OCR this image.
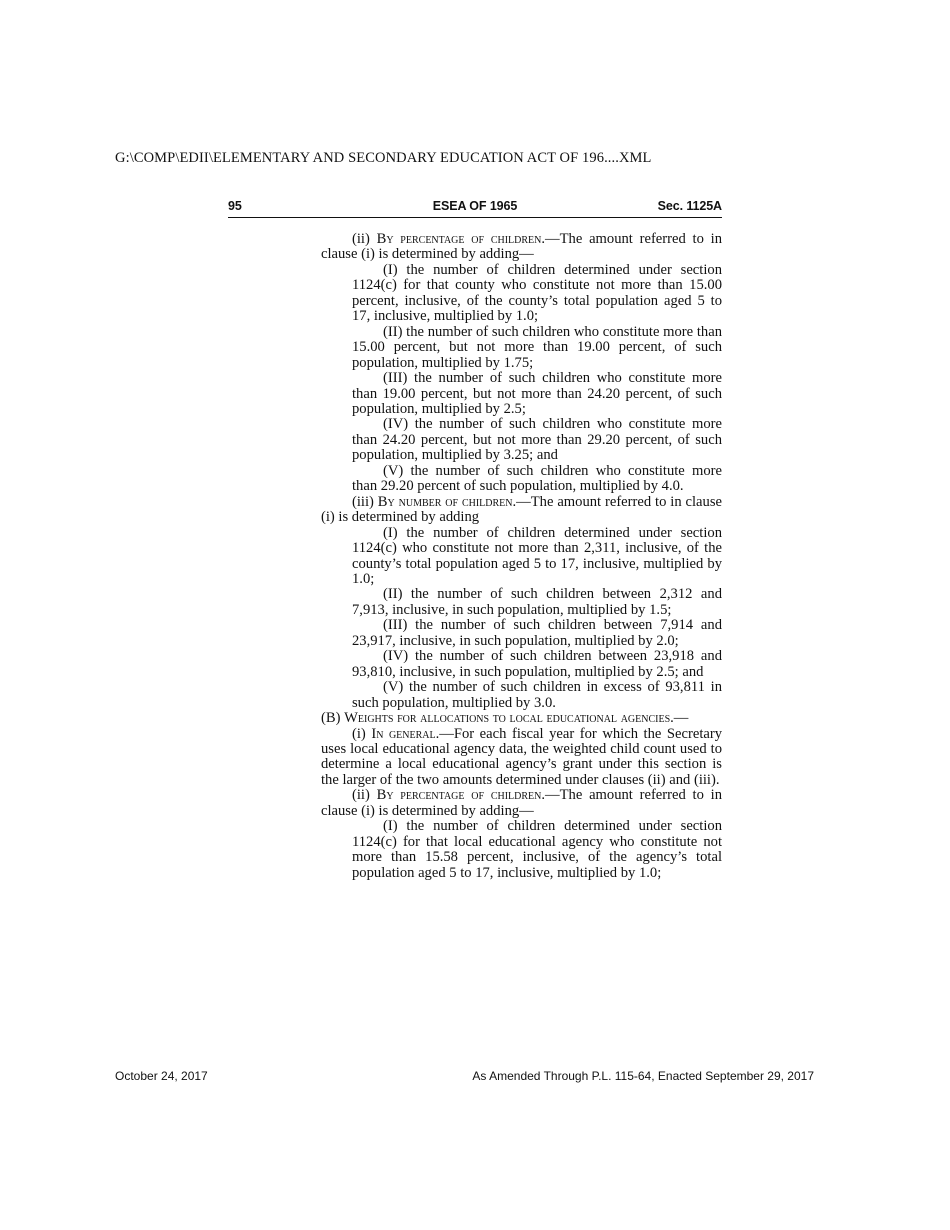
G:\COMP\EDII\ELEMENTARY AND SECONDARY EDUCATION ACT OF 196....XML
95	ESEA OF 1965	Sec. 1125A
(ii) By percentage of children.—The amount referred to in clause (i) is determined by adding—
(I) the number of children determined under section 1124(c) for that county who constitute not more than 15.00 percent, inclusive, of the county’s total population aged 5 to 17, inclusive, multiplied by 1.0;
(II) the number of such children who constitute more than 15.00 percent, but not more than 19.00 percent, of such population, multiplied by 1.75;
(III) the number of such children who constitute more than 19.00 percent, but not more than 24.20 percent, of such population, multiplied by 2.5;
(IV) the number of such children who constitute more than 24.20 percent, but not more than 29.20 percent, of such population, multiplied by 3.25; and
(V) the number of such children who constitute more than 29.20 percent of such population, multiplied by 4.0.
(iii) By number of children.—The amount referred to in clause (i) is determined by adding
(I) the number of children determined under section 1124(c) who constitute not more than 2,311, inclusive, of the county’s total population aged 5 to 17, inclusive, multiplied by 1.0;
(II) the number of such children between 2,312 and 7,913, inclusive, in such population, multiplied by 1.5;
(III) the number of such children between 7,914 and 23,917, inclusive, in such population, multiplied by 2.0;
(IV) the number of such children between 23,918 and 93,810, inclusive, in such population, multiplied by 2.5; and
(V) the number of such children in excess of 93,811 in such population, multiplied by 3.0.
(B) Weights for allocations to local educational agencies.—
(i) In general.—For each fiscal year for which the Secretary uses local educational agency data, the weighted child count used to determine a local educational agency’s grant under this section is the larger of the two amounts determined under clauses (ii) and (iii).
(ii) By percentage of children.—The amount referred to in clause (i) is determined by adding—
(I) the number of children determined under section 1124(c) for that local educational agency who constitute not more than 15.58 percent, inclusive, of the agency’s total population aged 5 to 17, inclusive, multiplied by 1.0;
October 24, 2017	As Amended Through P.L. 115-64, Enacted September 29, 2017
